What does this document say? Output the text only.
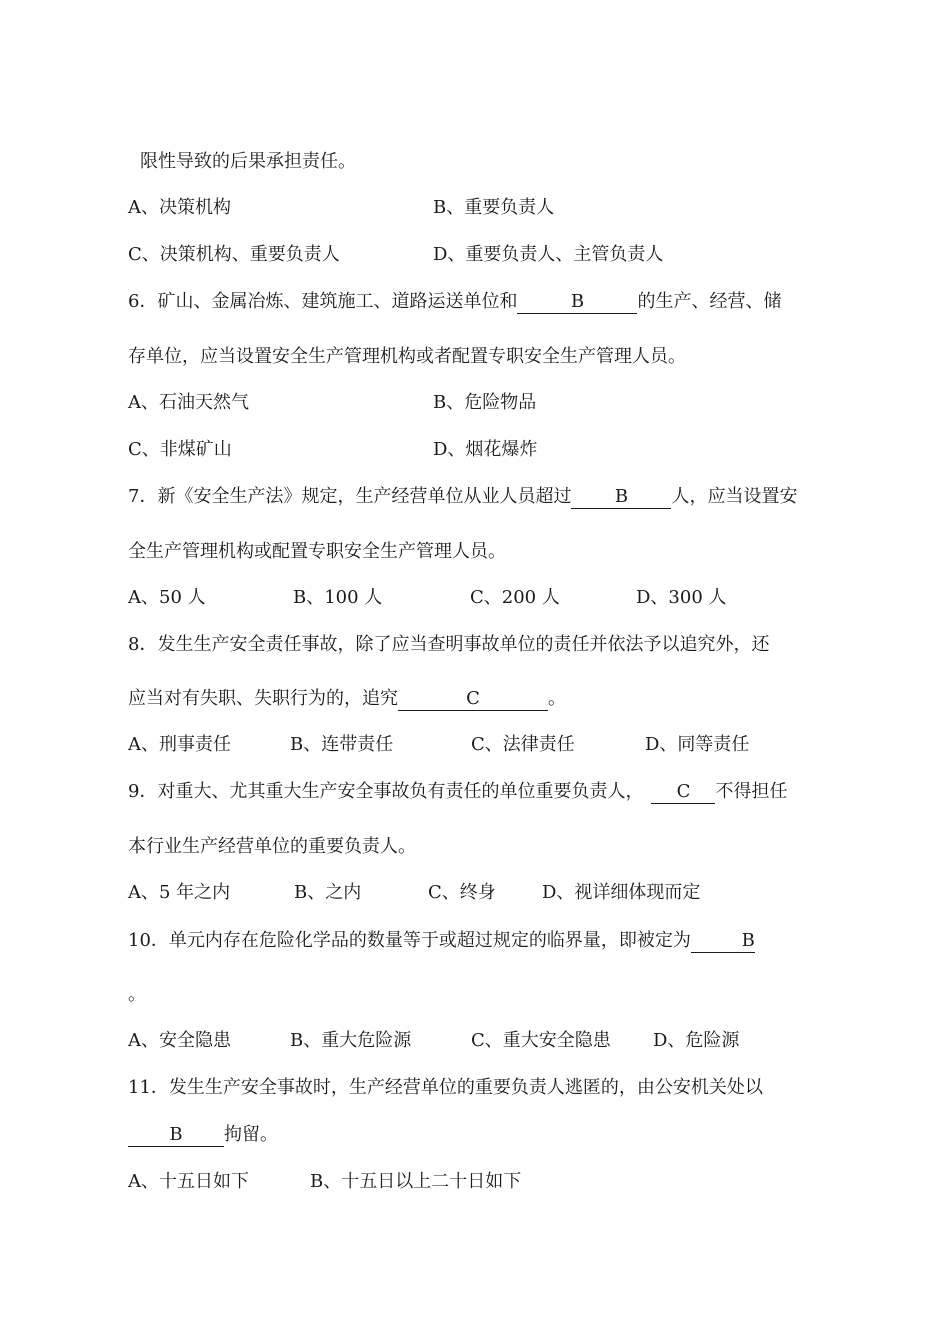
限性导致的后果承担责任。
A、决策机构	B、重要负责人
C、决策机构、重要负责人	D、重要负责人、主管负责人
6．矿山、金属冶炼、建筑施工、道路运送单位和	B	的生产、经营、储
存单位，应当设置安全生产管理机构或者配置专职安全生产管理人员。
A、石油天然气	B、危险物品
C、非煤矿山	D、烟花爆炸
7．新《安全生产法》规定，生产经营单位从业人员超过 B 人，应当设置安
全生产管理机构或配置专职安全生产管理人员。
A、50 人	B、100 人	C、200 人	D、300 人
8．发生生产安全责任事故，除了应当查明事故单位的责任并依法予以追究外，还
应当对有失职、失职行为的，追究	C	。
A、刑事责任	B、连带责任	C、法律责任	D、同等责任
9．对重大、尤其重大生产安全事故负有责任的单位重要负责人， C 不得担任
本行业生产经营单位的重要负责人。
A、5 年之内	B、之内	C、终身	D、视详细体现而定
10．单元内存在危险化学品的数量等于或超过规定的临界量，即被定为	B
。
A、安全隐患	B、重大危险源	C、重大安全隐患 D、危险源
11．发生生产安全事故时，生产经营单位的重要负责人逃匿的，由公安机关处以
B 拘留。
A、十五日如下	B、十五日以上二十日如下
